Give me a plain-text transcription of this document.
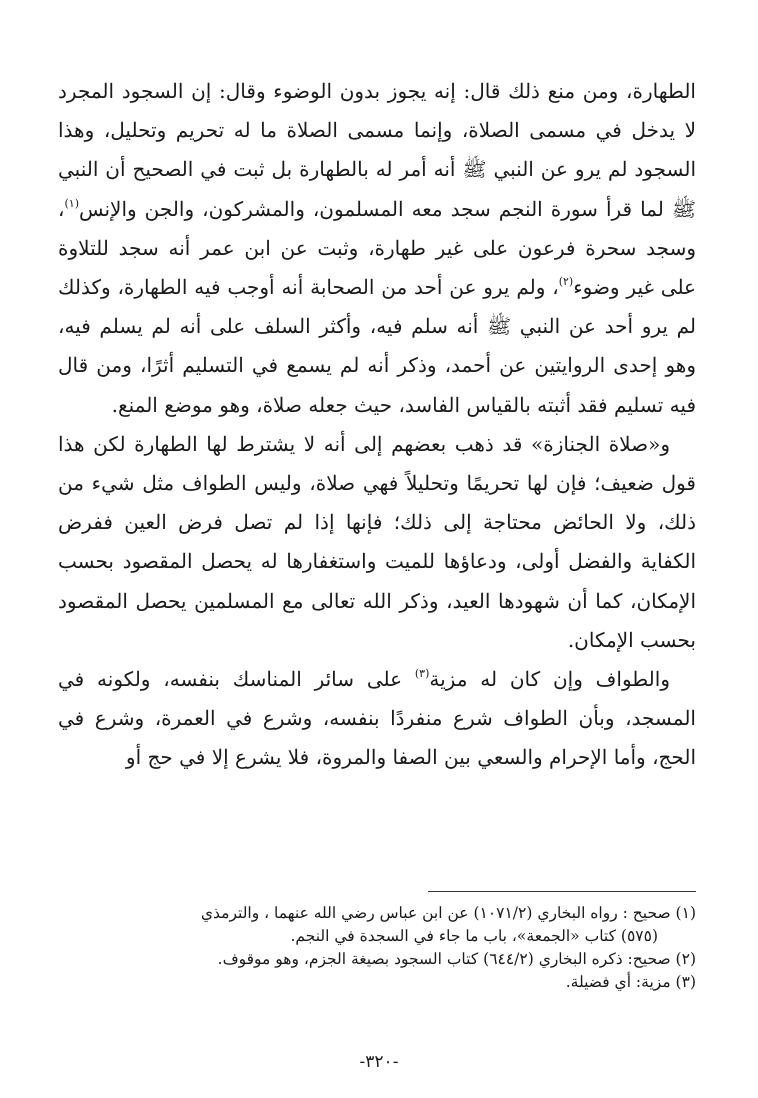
الطهارة، ومن منع ذلك قال: إنه يجوز بدون الوضوء وقال: إن السجود المجرد لا يدخل في مسمى الصلاة، وإنما مسمى الصلاة ما له تحريم وتحليل، وهذا السجود لم يرو عن النبي ﷺ أنه أمر له بالطهارة بل ثبت في الصحيح أن النبي ﷺ لما قرأ سورة النجم سجد معه المسلمون، والمشركون، والجن والإنس$^{(١)}$، وسجد سحرة فرعون على غير طهارة، وثبت عن ابن عمر أنه سجد للتلاوة على غير وضوء$^{(٢)}$، ولم يرو عن أحد من الصحابة أنه أوجب فيه الطهارة، وكذلك لم يرو أحد عن النبي ﷺ أنه سلم فيه، وأكثر السلف على أنه لم يسلم فيه، وهو إحدى الروايتين عن أحمد، وذكر أنه لم يسمع في التسليم أثرًا، ومن قال فيه تسليم فقد أثبته بالقياس الفاسد، حيث جعله صلاة، وهو موضع المنع.

و«صلاة الجنازة» قد ذهب بعضهم إلى أنه لا يشترط لها الطهارة لكن هذا قول ضعيف؛ فإن لها تحريمًا وتحليلاً فهي صلاة، وليس الطواف مثل شيء من ذلك، ولا الحائض محتاجة إلى ذلك؛ فإنها إذا لم تصل فرض العين ففرض الكفاية والفضل أولى، ودعاؤها للميت واستغفارها له يحصل المقصود بحسب الإمكان، كما أن شهودها العيد، وذكر الله تعالى مع المسلمين يحصل المقصود بحسب الإمكان.

والطواف وإن كان له مزية$^{(٣)}$ على سائر المناسك بنفسه، ولكونه في المسجد، وبأن الطواف شرع منفردًا بنفسه، وشرع في العمرة، وشرع في الحج، وأما الإحرام والسعي بين الصفا والمروة، فلا يشرع إلا في حج أو

(١) صحيح : رواه البخاري (١٠٧١/٢) عن ابن عباس رضي الله عنهما ، والترمذي

(٥٧٥) كتاب «الجمعة»، باب ما جاء في السجدة في النجم.

(٢) صحيح: ذكره البخاري (٦٤٤/٢) كتاب السجود بصيغة الجزم، وهو موقوف.

(٣) مزية: أي فضيلة.

-٣٢٠-
